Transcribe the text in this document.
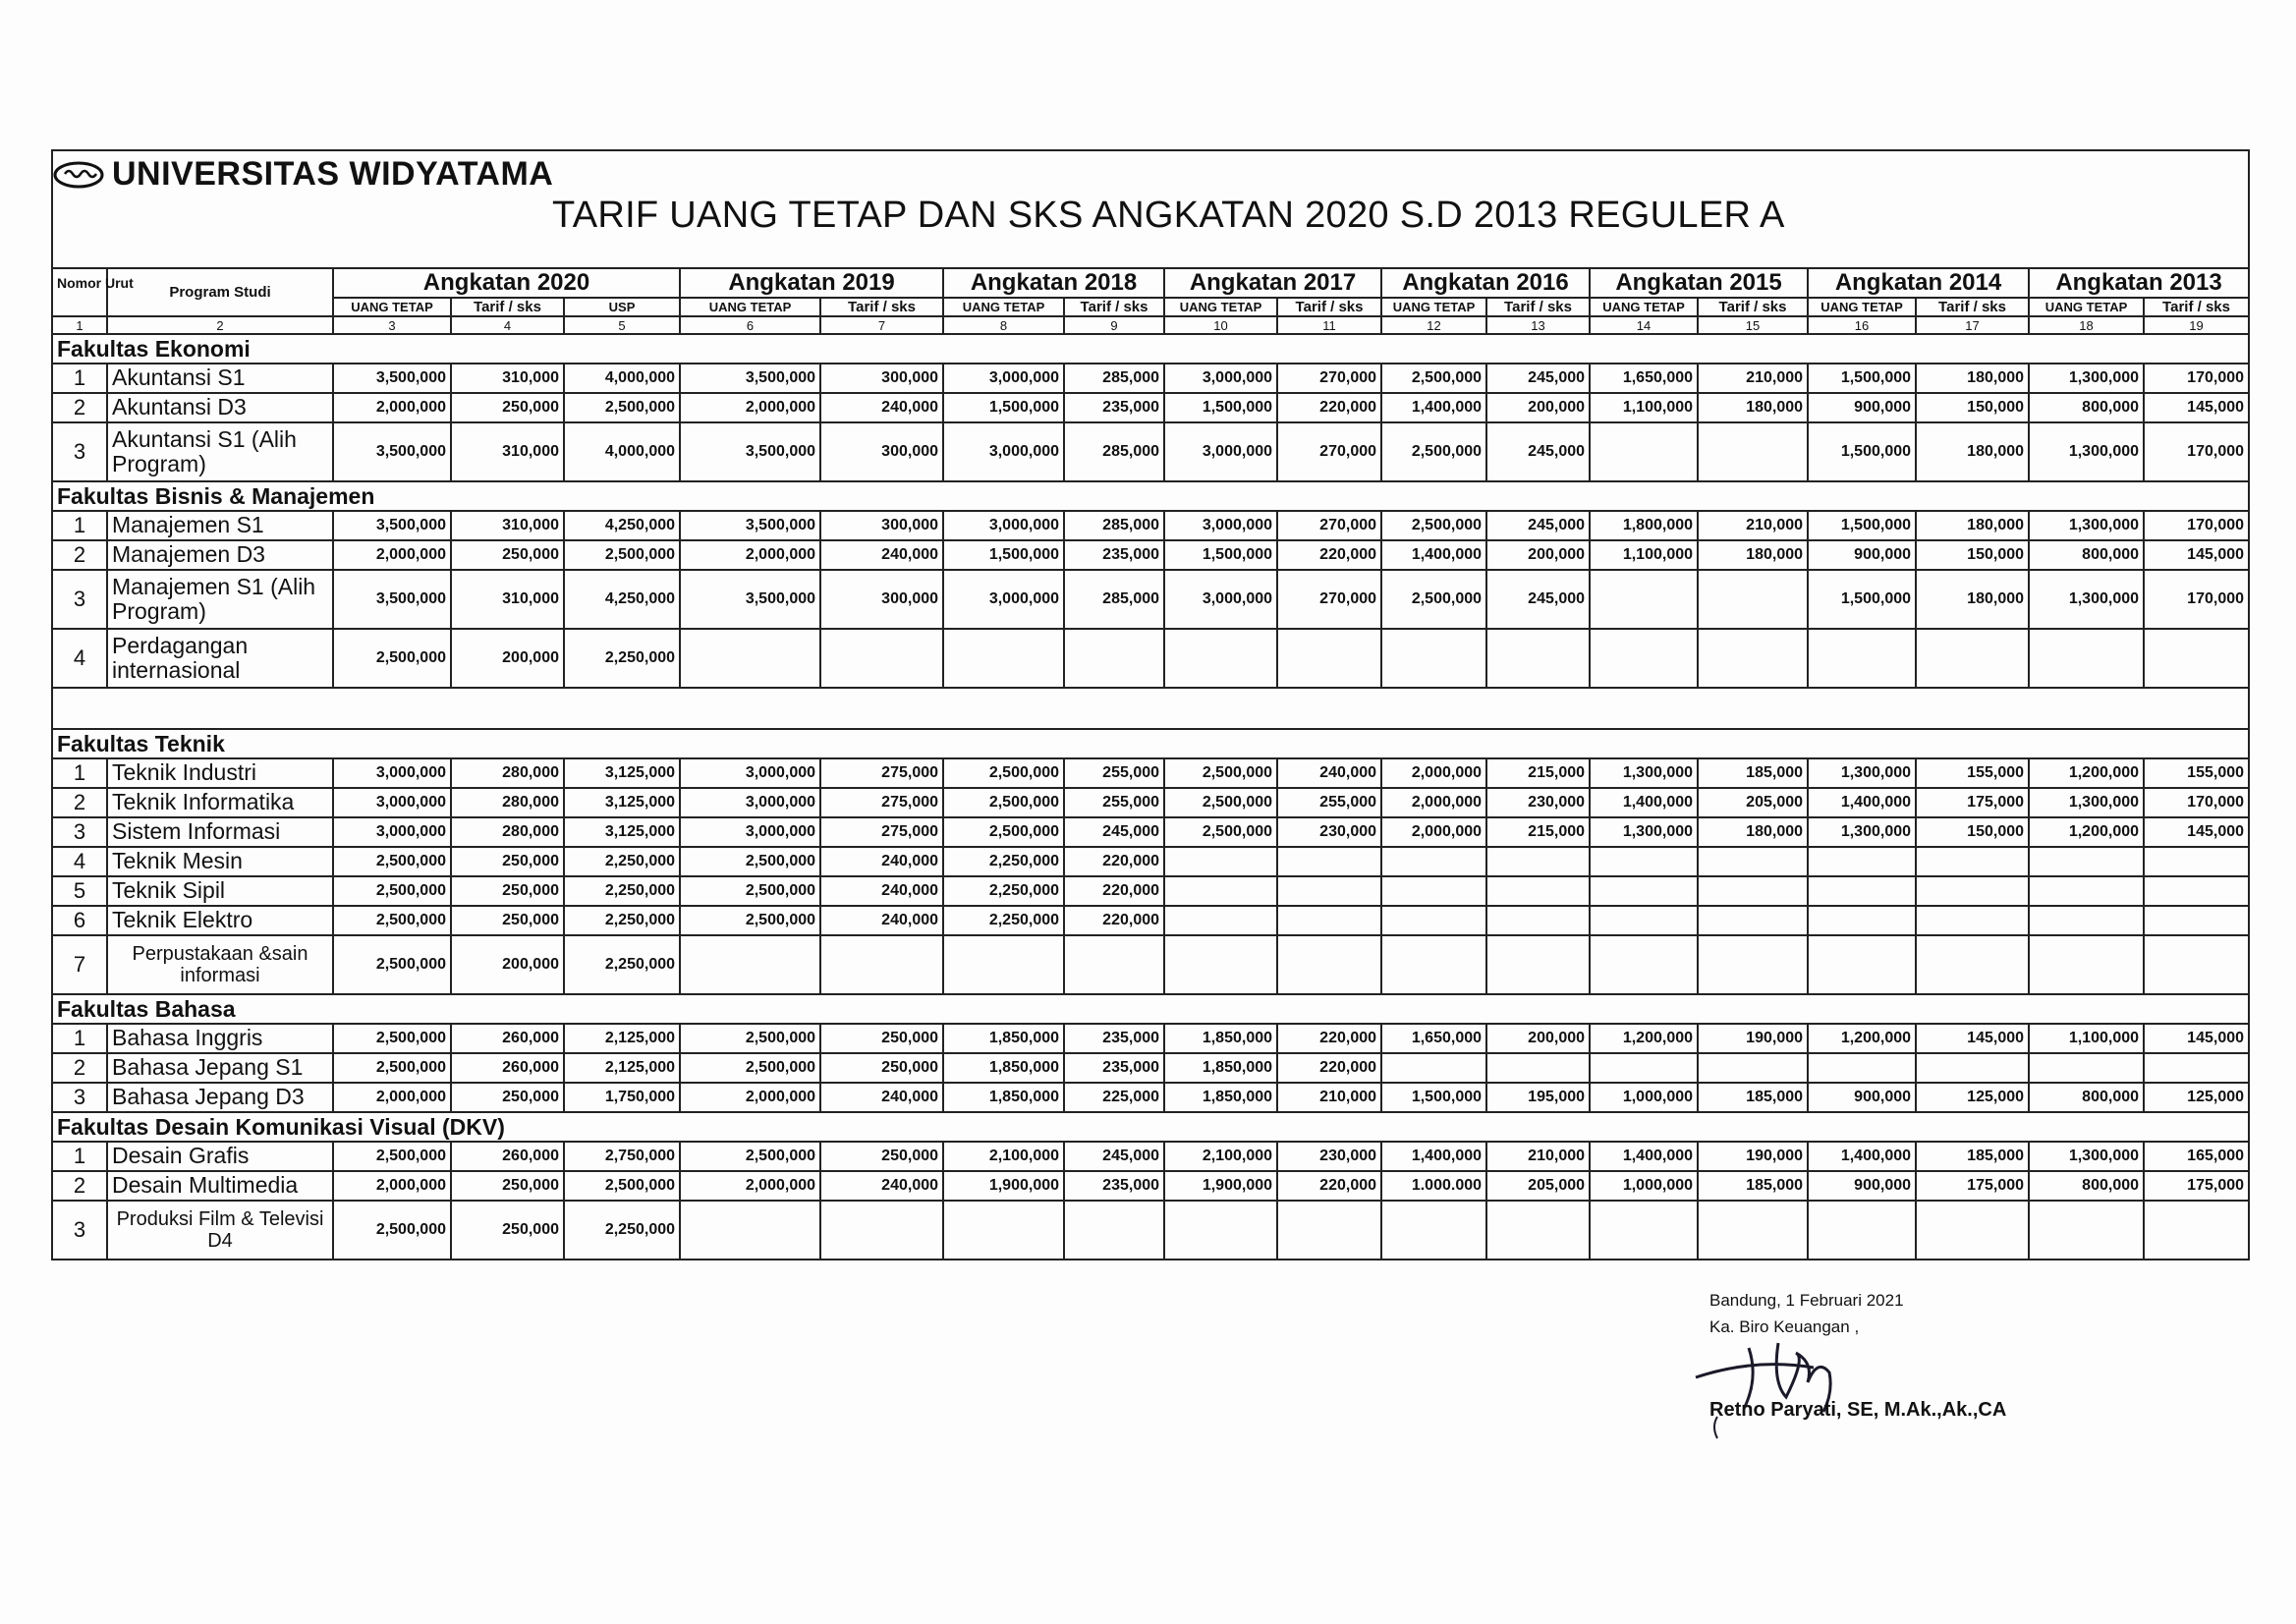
UNIVERSITAS WIDYATAMA
TARIF UANG TETAP DAN SKS ANGKATAN 2020 S.D 2013 REGULER A
Nomor Urut	Program Studi	Angkatan 2020			Angkatan 2019		Angkatan 2018		Angkatan 2017		Angkatan 2016		Angkatan 2015		Angkatan 2014		Angkatan 2013	
		UANG TETAP	Tarif / sks	USP	UANG TETAP	Tarif / sks	UANG TETAP	Tarif / sks	UANG TETAP	Tarif / sks	UANG TETAP	Tarif / sks	UANG TETAP	Tarif / sks	UANG TETAP	Tarif / sks	UANG TETAP	Tarif / sks
1	2	3	4	5	6	7	8	9	10	11	12	13	14	15	16	17	18	19
Fakultas Ekonomi																		
1	Akuntansi S1	3,500,000	310,000	4,000,000	3,500,000	300,000	3,000,000	285,000	3,000,000	270,000	2,500,000	245,000	1,650,000	210,000	1,500,000	180,000	1,300,000	170,000
2	Akuntansi D3	2,000,000	250,000	2,500,000	2,000,000	240,000	1,500,000	235,000	1,500,000	220,000	1,400,000	200,000	1,100,000	180,000	900,000	150,000	800,000	145,000
3	Akuntansi S1 (Alih Program)	3,500,000	310,000	4,000,000	3,500,000	300,000	3,000,000	285,000	3,000,000	270,000	2,500,000	245,000			1,500,000	180,000	1,300,000	170,000
Fakultas Bisnis & Manajemen																		
1	Manajemen S1	3,500,000	310,000	4,250,000	3,500,000	300,000	3,000,000	285,000	3,000,000	270,000	2,500,000	245,000	1,800,000	210,000	1,500,000	180,000	1,300,000	170,000
2	Manajemen D3	2,000,000	250,000	2,500,000	2,000,000	240,000	1,500,000	235,000	1,500,000	220,000	1,400,000	200,000	1,100,000	180,000	900,000	150,000	800,000	145,000
3	Manajemen S1 (Alih Program)	3,500,000	310,000	4,250,000	3,500,000	300,000	3,000,000	285,000	3,000,000	270,000	2,500,000	245,000			1,500,000	180,000	1,300,000	170,000
4	Perdagangan internasional	2,500,000	200,000	2,250,000														

Fakultas Teknik																		
1	Teknik Industri	3,000,000	280,000	3,125,000	3,000,000	275,000	2,500,000	255,000	2,500,000	240,000	2,000,000	215,000	1,300,000	185,000	1,300,000	155,000	1,200,000	155,000
2	Teknik Informatika	3,000,000	280,000	3,125,000	3,000,000	275,000	2,500,000	255,000	2,500,000	255,000	2,000,000	230,000	1,400,000	205,000	1,400,000	175,000	1,300,000	170,000
3	Sistem Informasi	3,000,000	280,000	3,125,000	3,000,000	275,000	2,500,000	245,000	2,500,000	230,000	2,000,000	215,000	1,300,000	180,000	1,300,000	150,000	1,200,000	145,000
4	Teknik Mesin	2,500,000	250,000	2,250,000	2,500,000	240,000	2,250,000	220,000										
5	Teknik Sipil	2,500,000	250,000	2,250,000	2,500,000	240,000	2,250,000	220,000										
6	Teknik Elektro	2,500,000	250,000	2,250,000	2,500,000	240,000	2,250,000	220,000										
7	Perpustakaan &sain informasi	2,500,000	200,000	2,250,000														
Fakultas Bahasa																		
1	Bahasa Inggris	2,500,000	260,000	2,125,000	2,500,000	250,000	1,850,000	235,000	1,850,000	220,000	1,650,000	200,000	1,200,000	190,000	1,200,000	145,000	1,100,000	145,000
2	Bahasa Jepang S1	2,500,000	260,000	2,125,000	2,500,000	250,000	1,850,000	235,000	1,850,000	220,000								
3	Bahasa Jepang D3	2,000,000	250,000	1,750,000	2,000,000	240,000	1,850,000	225,000	1,850,000	210,000	1,500,000	195,000	1,000,000	185,000	900,000	125,000	800,000	125,000
Fakultas Desain Komunikasi Visual (DKV)																		
1	Desain Grafis	2,500,000	260,000	2,750,000	2,500,000	250,000	2,100,000	245,000	2,100,000	230,000	1,400,000	210,000	1,400,000	190,000	1,400,000	185,000	1,300,000	165,000
2	Desain Multimedia	2,000,000	250,000	2,500,000	2,000,000	240,000	1,900,000	235,000	1,900,000	220,000	1.000.000	205,000	1,000,000	185,000	900,000	175,000	800,000	175,000
3	Produksi Film & Televisi D4	2,500,000	250,000	2,250,000														
Bandung, 1 Februari 2021
Ka. Biro Keuangan ,
Retno Paryati, SE, M.Ak.,Ak.,CA
